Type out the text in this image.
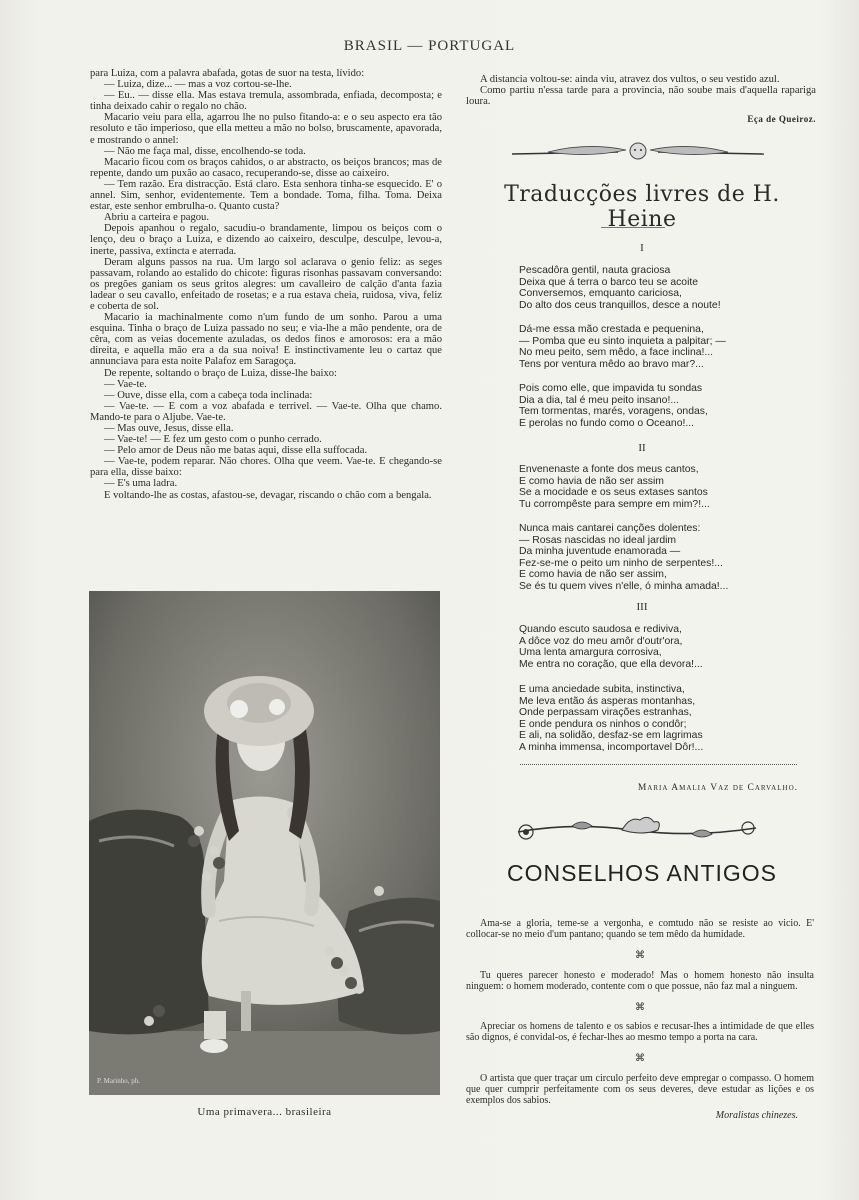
BRASIL — PORTUGAL

para Luiza, com a palavra abafada, gotas de suor na testa, lívido:

— Luiza, dize... — mas a voz cortou-se-lhe.

— Eu.. — disse ella. Mas estava tremula, assombrada, enfiada, decomposta; e tinha deixado cahir o regalo no chão.

Macario veiu para ella, agarrou lhe no pulso fitando-a: e o seu aspecto era tão resoluto e tão imperioso, que ella metteu a mão no bolso, bruscamente, apavorada, e mostrando o annel:

— Não me faça mal, disse, encolhendo-se toda.

Macario ficou com os braços cahidos, o ar abstracto, os beiços brancos; mas de repente, dando um puxão ao casaco, recuperando-se, disse ao caixeiro.

— Tem razão. Era distracção. Está claro. Esta senhora tinha-se esquecido. E' o annel. Sim, senhor, evidentemente. Tem a bondade. Toma, filha. Toma. Deixa estar, este senhor embrulha-o. Quanto custa?

Abriu a carteira e pagou.

Depois apanhou o regalo, sacudiu-o brandamente, limpou os beiços com o lenço, deu o braço a Luiza, e dizendo ao caixeiro, desculpe, desculpe, levou-a, inerte, passiva, extincta e aterrada.

Deram alguns passos na rua. Um largo sol aclarava o genio feliz: as seges passavam, rolando ao estalido do chicote: figuras risonhas passavam conversando: os pregões ganiam os seus gritos alegres: um cavalleiro de calção d'anta fazia ladear o seu cavallo, enfeitado de rosetas; e a rua estava cheia, ruidosa, viva, feliz e coberta de sol.

Macario ia machinalmente como n'um fundo de um sonho. Parou a uma esquina. Tinha o braço de Luiza passado no seu; e via-lhe a mão pendente, ora de cêra, com as veias docemente azuladas, os dedos finos e amorosos: era a mão direita, e aquella mão era a da sua noiva! E instinctivamente leu o cartaz que annunciava para esta noite Palafoz em Saragoça.

De repente, soltando o braço de Luiza, disse-lhe baixo:

— Vae-te.

— Ouve, disse ella, com a cabeça toda inclinada:

— Vae-te. — E com a voz abafada e terrivel. — Vae-te. Olha que chamo. Mando-te para o Aljube. Vae-te.

— Mas ouve, Jesus, disse ella.

— Vae-te! — E fez um gesto com o punho cerrado.

— Pelo amor de Deus não me batas aqui, disse ella suffocada.

— Vae-te, podem reparar. Não chores. Olha que veem. Vae-te. E chegando-se para ella, disse baixo:

— E's uma ladra.

E voltando-lhe as costas, afastou-se, devagar, riscando o chão com a bengala.

P. Marinho, ph.
Uma primavera... brasileira

A distancia voltou-se: ainda viu, atravez dos vultos, o seu vestido azul.

Como partiu n'essa tarde para a provincia, não soube mais d'aquella rapariga loura.

Eça de Queiroz.
Traducções livres de H. Heine
I
Pescadôra gentil, nauta graciosa
Deixa que á terra o barco teu se acoite
Conversemos, emquanto cariciosa,
Do alto dos ceus tranquillos, desce a noute!
Dá-me essa mão crestada e pequenina,
— Pomba que eu sinto inquieta a palpitar; —
No meu peito, sem mêdo, a face inclina!...
Tens por ventura mêdo ao bravo mar?...
Pois como elle, que impavida tu sondas
Dia a dia, tal é meu peito insano!...
Tem tormentas, marés, voragens, ondas,
E perolas no fundo como o Oceano!...
II
Envenenaste a fonte dos meus cantos,
E como havia de não ser assim
Se a mocidade e os seus extases santos
Tu corrompêste para sempre em mim?!...
Nunca mais cantarei canções dolentes:
— Rosas nascidas no ideal jardim
Da minha juventude enamorada —
Fez-se-me o peito um ninho de serpentes!...
E como havia de não ser assim,
Se és tu quem vives n'elle, ó minha amada!...
III
Quando escuto saudosa e rediviva,
A dôce voz do meu amôr d'outr'ora,
Uma lenta amargura corrosiva,
Me entra no coração, que ella devora!...
E uma anciedade subita, instinctiva,
Me leva então ás asperas montanhas,
Onde perpassam virações estranhas,
E onde pendura os ninhos o condôr;
E ali, na solidão, desfaz-se em lagrimas
A minha immensa, incomportavel Dôr!...
Maria Amalia Vaz de Carvalho.
CONSELHOS ANTIGOS
Ama-se a gloria, teme-se a vergonha, e comtudo não se resiste ao vicio. E' collocar-se no meio d'um pantano; quando se tem mêdo da humidade.
⌘
Tu queres parecer honesto e moderado! Mas o homem honesto não insulta ninguem: o homem moderado, contente com o que possue, não faz mal a ninguem.
⌘
Apreciar os homens de talento e os sabios e recusar-lhes a intimidade de que elles são dignos, é convidal-os, é fechar-lhes ao mesmo tempo a porta na cara.
⌘
O artista que quer traçar um circulo perfeito deve empregar o compasso. O homem que quer cumprir perfeitamente com os seus deveres, deve estudar as lições e os exemplos dos sabios.
Moralistas chinezes.
